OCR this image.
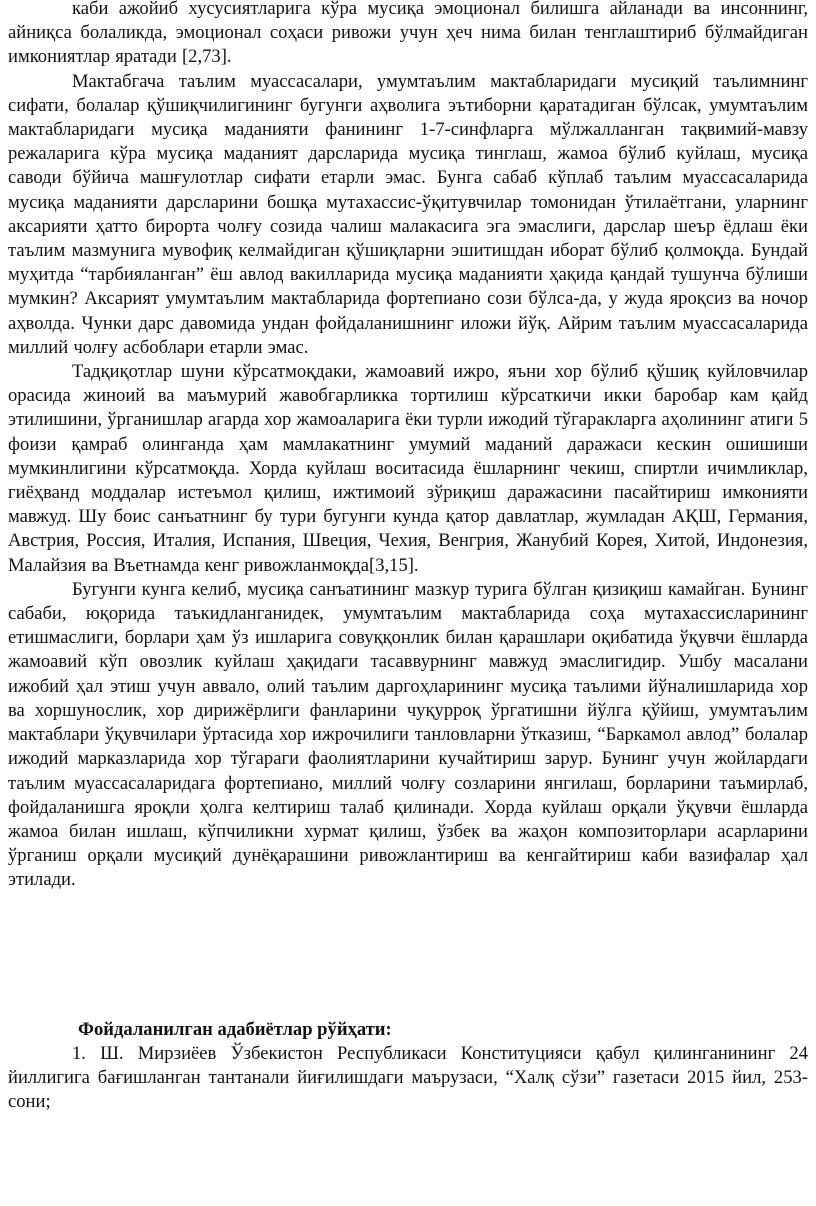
каби ажойиб хусусиятларига кўра мусиқа эмоционал билишга айланади ва инсоннинг, айниқса болаликда, эмоционал соҳаси ривожи учун ҳеч нима билан тенглаштириб бўлмайдиган имкониятлар яратади [2,73].

Мактабгача таълим муассасалари, умумтаълим мактабларидаги мусиқий таълимнинг сифати, болалар қўшиқчилигининг бугунги аҳволига эътиборни қаратадиган бўлсак, умумтаълим мактабларидаги мусиқа маданияти фанининг 1-7-синфларга мўлжалланган тақвимий-мавзу режаларига кўра мусиқа маданият дарсларида мусиқа тинглаш, жамоа бўлиб куйлаш, мусиқа саводи бўйича машғулотлар сифати етарли эмас. Бунга сабаб кўплаб таълим муассасаларида мусиқа маданияти дарсларини бошқа мутахассис-ўқитувчилар томонидан ўтилаётгани, уларнинг аксарияти ҳатто бирорта чолғу созида чалиш малакасига эга эмаслиги, дарслар шеър ёдлаш ёки таълим мазмунига мувофиқ келмайдиган қўшиқларни эшитишдан иборат бўлиб қолмоқда. Бундай муҳитда “тарбияланган” ёш авлод вакилларида мусиқа маданияти ҳақида қандай тушунча бўлиши мумкин? Аксарият умумтаълим мактабларида фортепиано сози бўлса-да, у жуда яроқсиз ва ночор аҳволда. Чунки дарс давомида ундан фойдаланишнинг иложи йўқ. Айрим таълим муассасаларида миллий чолғу асбоблари етарли эмас.

Тадқиқотлар шуни кўрсатмоқдаки, жамоавий ижро, яъни хор бўлиб қўшиқ куйловчилар орасида жиноий ва маъмурий жавобгарликка тортилиш кўрсаткичи икки баробар кам қайд этилишини, ўрганишлар агарда хор жамоаларига ёки турли ижодий тўгаракларга аҳолининг атиги 5 фоизи қамраб олинганда ҳам мамлакатнинг умумий маданий даражаси кескин ошишиши мумкинлигини кўрсатмоқда. Хорда куйлаш воситасида ёшларнинг чекиш, спиртли ичимликлар, гиёҳванд моддалар истеъмол қилиш, ижтимоий зўриқиш даражасини пасайтириш имконияти мавжуд. Шу боис санъатнинг бу тури бугунги кунда қатор давлатлар, жумладан АҚШ, Германия, Австрия, Россия, Италия, Испания, Швеция, Чехия, Венгрия, Жанубий Корея, Хитой, Индонезия, Малайзия ва Въетнамда кенг ривожланмоқда[3,15].

Бугунги кунга келиб, мусиқа санъатининг мазкур турига бўлган қизиқиш камайган. Бунинг сабаби, юқорида таъкидланганидек, умумтаълим мактабларида соҳа мутахассисларининг етишмаслиги, борлари ҳам ўз ишларига совуққонлик билан қарашлари оқибатида ўқувчи ёшларда жамоавий кўп овозлик куйлаш ҳақидаги тасаввурнинг мавжуд эмаслигидир. Ушбу масалани ижобий ҳал этиш учун аввало, олий таълим даргоҳларининг мусиқа таълими йўналишларида хор ва хоршунослик, хор дирижёрлиги фанларини чуқурроқ ўргатишни йўлга қўйиш, умумтаълим мактаблари ўқувчилари ўртасида хор ижрочилиги танловларни ўтказиш, “Баркамол авлод” болалар ижодий марказларида хор тўгараги фаолиятларини кучайтириш зарур. Бунинг учун жойлардаги таълим муассасаларидага фортепиано, миллий чолғу созларини янгилаш, борларини таъмирлаб, фойдаланишга яроқли ҳолга келтириш талаб қилинади. Хорда куйлаш орқали ўқувчи ёшларда жамоа билан ишлаш, кўпчиликни хурмат қилиш, ўзбек ва жаҳон композиторлари асарларини ўрганиш орқали мусиқий дунёқарашини ривожлантириш ва кенгайтириш каби вазифалар ҳал этилади.

Фойдаланилган адабиётлар рўйҳати:

1. Ш. Мирзиёев Ўзбекистон Республикаси Конституцияси қабул қилинганининг 24 йиллигига бағишланган тантанали йиғилишдаги маърузаси, “Халқ сўзи” газетаси 2015 йил, 253-сони;
